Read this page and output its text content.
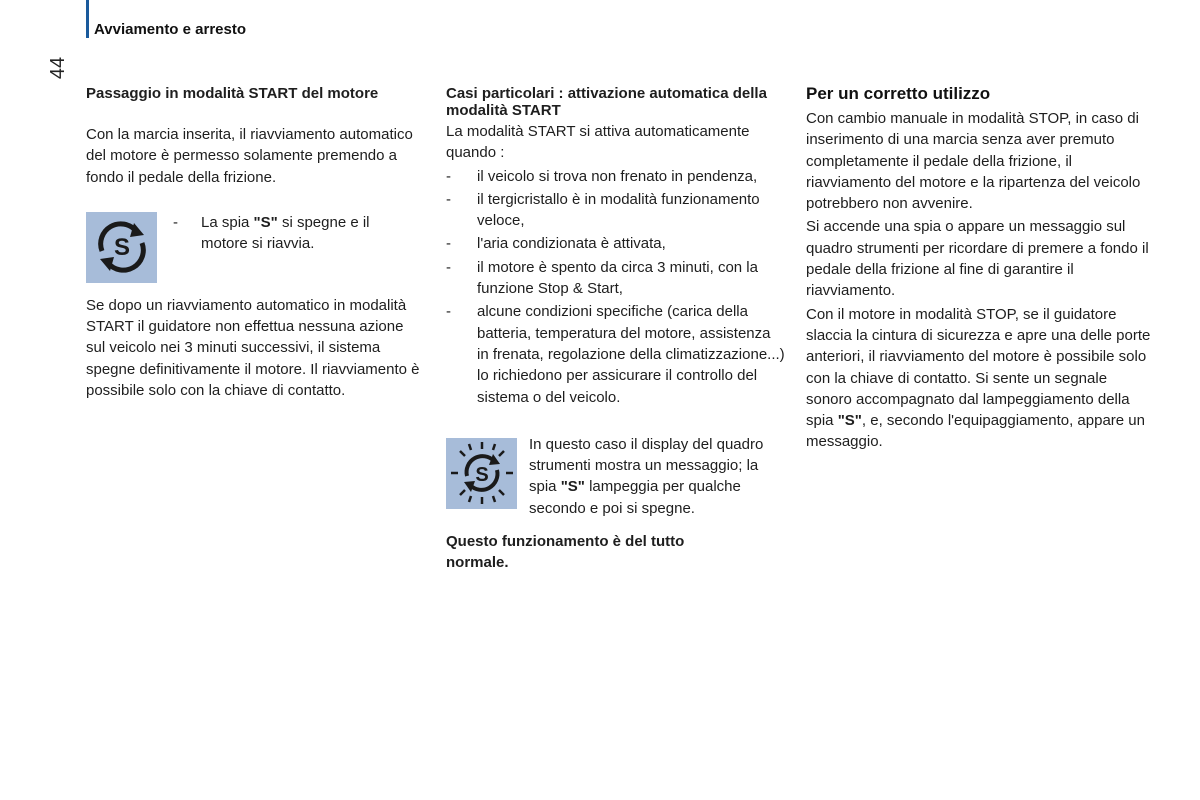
Avviamento e arresto
44

Passaggio in modalità START del motore

Con la marcia inserita, il riavviamento automatico del motore è permesso solamente premendo a fondo il pedale della frizione.

S
-	La spia "S" si spegne e il motore si riavvia.

Se dopo un riavviamento automatico in modalità START il guidatore non effettua nessuna azione sul veicolo nei 3 minuti successivi, il sistema spegne definitivamente il motore. Il riavviamento è possibile solo con la chiave di contatto.

Casi particolari : attivazione automatica della modalità START

La modalità START si attiva automaticamente quando :

- il veicolo si trova non frenato in pendenza,
- il tergicristallo è in modalità funzionamento veloce,
- l'aria condizionata è attivata,
- il motore è spento da circa 3 minuti, con la funzione Stop & Start,
- alcune condizioni specifiche (carica della batteria, temperatura del motore, assistenza in frenata, regolazione della climatizzazione...) lo richiedono per assicurare il controllo del sistema o del veicolo.
S

In questo caso il display del quadro strumenti mostra un messaggio; la spia "S" lampeggia per qualche secondo e poi si spegne.

Questo funzionamento è del tutto normale.

Per un corretto utilizzo

Con cambio manuale in modalità STOP, in caso di inserimento di una marcia senza aver premuto completamente il pedale della frizione, il riavviamento del motore e la ripartenza del veicolo potrebbero non avvenire.

Si accende una spia o appare un messaggio sul quadro strumenti per ricordare di premere a fondo il pedale della frizione al fine di garantire il riavviamento.

Con il motore in modalità STOP, se il guidatore slaccia la cintura di sicurezza e apre una delle porte anteriori, il riavviamento del motore è possibile solo con la chiave di contatto. Si sente un segnale sonoro accompagnato dal lampeggiamento della spia "S", e, secondo l'equipaggiamento, appare un messaggio.
